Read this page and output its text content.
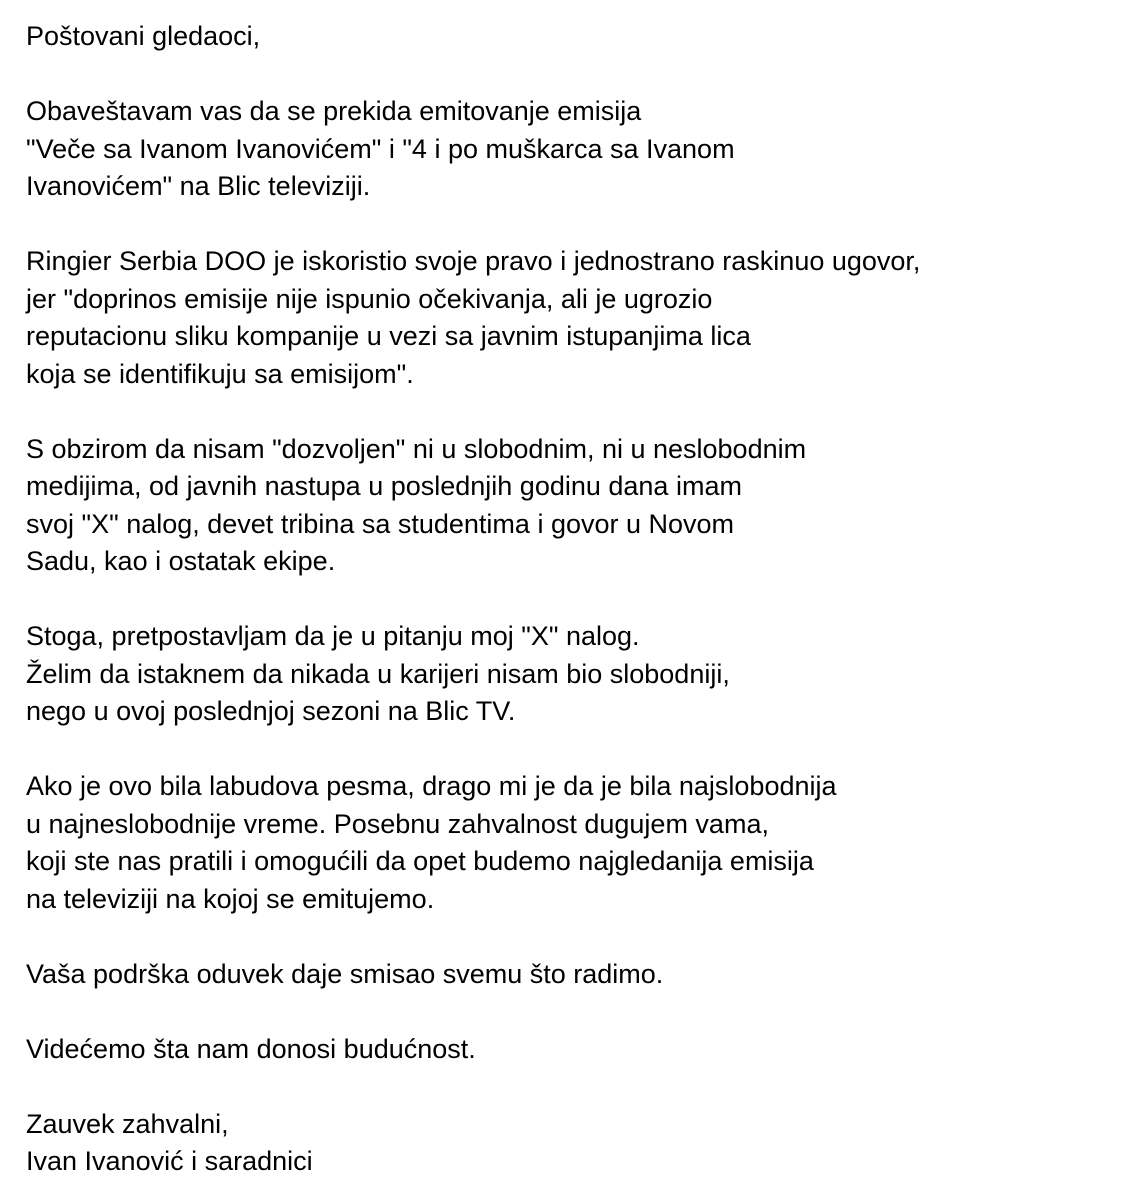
Poštovani gledaoci,
Obaveštavam vas da se prekida emitovanje emisija
"Veče sa Ivanom Ivanovićem" i "4 i po muškarca sa Ivanom
Ivanovićem" na Blic televiziji.
Ringier Serbia DOO je iskoristio svoje pravo i jednostrano raskinuo ugovor,
jer "doprinos emisije nije ispunio očekivanja, ali je ugrozio
reputacionu sliku kompanije u vezi sa javnim istupanjima lica
koja se identifikuju sa emisijom".
S obzirom da nisam "dozvoljen" ni u slobodnim, ni u neslobodnim
medijima, od javnih nastupa u poslednjih godinu dana imam
svoj "X" nalog, devet tribina sa studentima i govor u Novom
Sadu, kao i ostatak ekipe.
Stoga, pretpostavljam da je u pitanju moj "X" nalog.
Želim da istaknem da nikada u karijeri nisam bio slobodniji,
nego u ovoj poslednjoj sezoni na Blic TV.
Ako je ovo bila labudova pesma, drago mi je da je bila najslobodnija
u najneslobodnije vreme. Posebnu zahvalnost dugujem vama,
koji ste nas pratili i omogućili da opet budemo najgledanija emisija
na televiziji na kojoj se emitujemo.
Vaša podrška oduvek daje smisao svemu što radimo.
Videćemo šta nam donosi budućnost.
Zauvek zahvalni,
Ivan Ivanović i saradnici
